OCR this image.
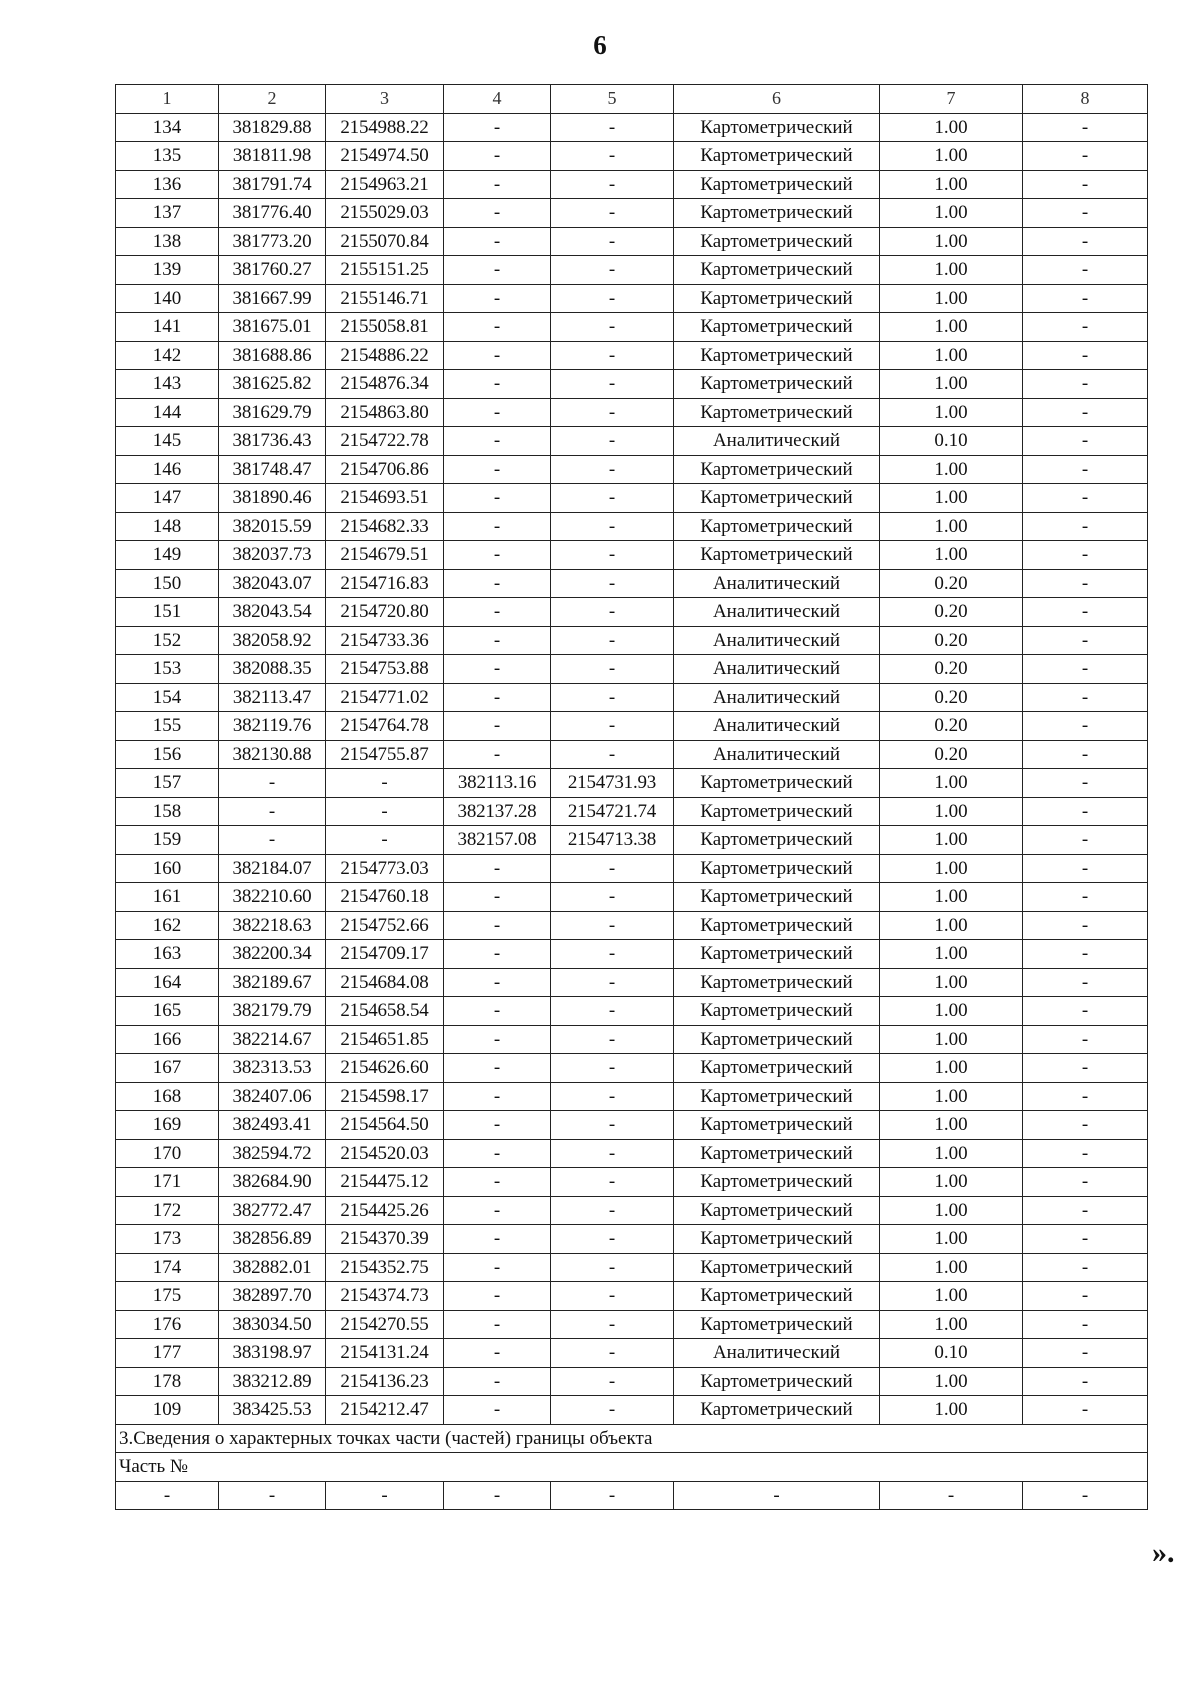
6
1	2	3	4	5	6	7	8
134	381829.88	2154988.22	-	-	Картометрический	1.00	-
135	381811.98	2154974.50	-	-	Картометрический	1.00	-
136	381791.74	2154963.21	-	-	Картометрический	1.00	-
137	381776.40	2155029.03	-	-	Картометрический	1.00	-
138	381773.20	2155070.84	-	-	Картометрический	1.00	-
139	381760.27	2155151.25	-	-	Картометрический	1.00	-
140	381667.99	2155146.71	-	-	Картометрический	1.00	-
141	381675.01	2155058.81	-	-	Картометрический	1.00	-
142	381688.86	2154886.22	-	-	Картометрический	1.00	-
143	381625.82	2154876.34	-	-	Картометрический	1.00	-
144	381629.79	2154863.80	-	-	Картометрический	1.00	-
145	381736.43	2154722.78	-	-	Аналитический	0.10	-
146	381748.47	2154706.86	-	-	Картометрический	1.00	-
147	381890.46	2154693.51	-	-	Картометрический	1.00	-
148	382015.59	2154682.33	-	-	Картометрический	1.00	-
149	382037.73	2154679.51	-	-	Картометрический	1.00	-
150	382043.07	2154716.83	-	-	Аналитический	0.20	-
151	382043.54	2154720.80	-	-	Аналитический	0.20	-
152	382058.92	2154733.36	-	-	Аналитический	0.20	-
153	382088.35	2154753.88	-	-	Аналитический	0.20	-
154	382113.47	2154771.02	-	-	Аналитический	0.20	-
155	382119.76	2154764.78	-	-	Аналитический	0.20	-
156	382130.88	2154755.87	-	-	Аналитический	0.20	-
157	-	-	382113.16	2154731.93	Картометрический	1.00	-
158	-	-	382137.28	2154721.74	Картометрический	1.00	-
159	-	-	382157.08	2154713.38	Картометрический	1.00	-
160	382184.07	2154773.03	-	-	Картометрический	1.00	-
161	382210.60	2154760.18	-	-	Картометрический	1.00	-
162	382218.63	2154752.66	-	-	Картометрический	1.00	-
163	382200.34	2154709.17	-	-	Картометрический	1.00	-
164	382189.67	2154684.08	-	-	Картометрический	1.00	-
165	382179.79	2154658.54	-	-	Картометрический	1.00	-
166	382214.67	2154651.85	-	-	Картометрический	1.00	-
167	382313.53	2154626.60	-	-	Картометрический	1.00	-
168	382407.06	2154598.17	-	-	Картометрический	1.00	-
169	382493.41	2154564.50	-	-	Картометрический	1.00	-
170	382594.72	2154520.03	-	-	Картометрический	1.00	-
171	382684.90	2154475.12	-	-	Картометрический	1.00	-
172	382772.47	2154425.26	-	-	Картометрический	1.00	-
173	382856.89	2154370.39	-	-	Картометрический	1.00	-
174	382882.01	2154352.75	-	-	Картометрический	1.00	-
175	382897.70	2154374.73	-	-	Картометрический	1.00	-
176	383034.50	2154270.55	-	-	Картометрический	1.00	-
177	383198.97	2154131.24	-	-	Аналитический	0.10	-
178	383212.89	2154136.23	-	-	Картометрический	1.00	-
109	383425.53	2154212.47	-	-	Картометрический	1.00	-
3.Сведения о характерных точках части (частей) границы объекта							
Часть №							
-	-	-	-	-	-	-	-
».
